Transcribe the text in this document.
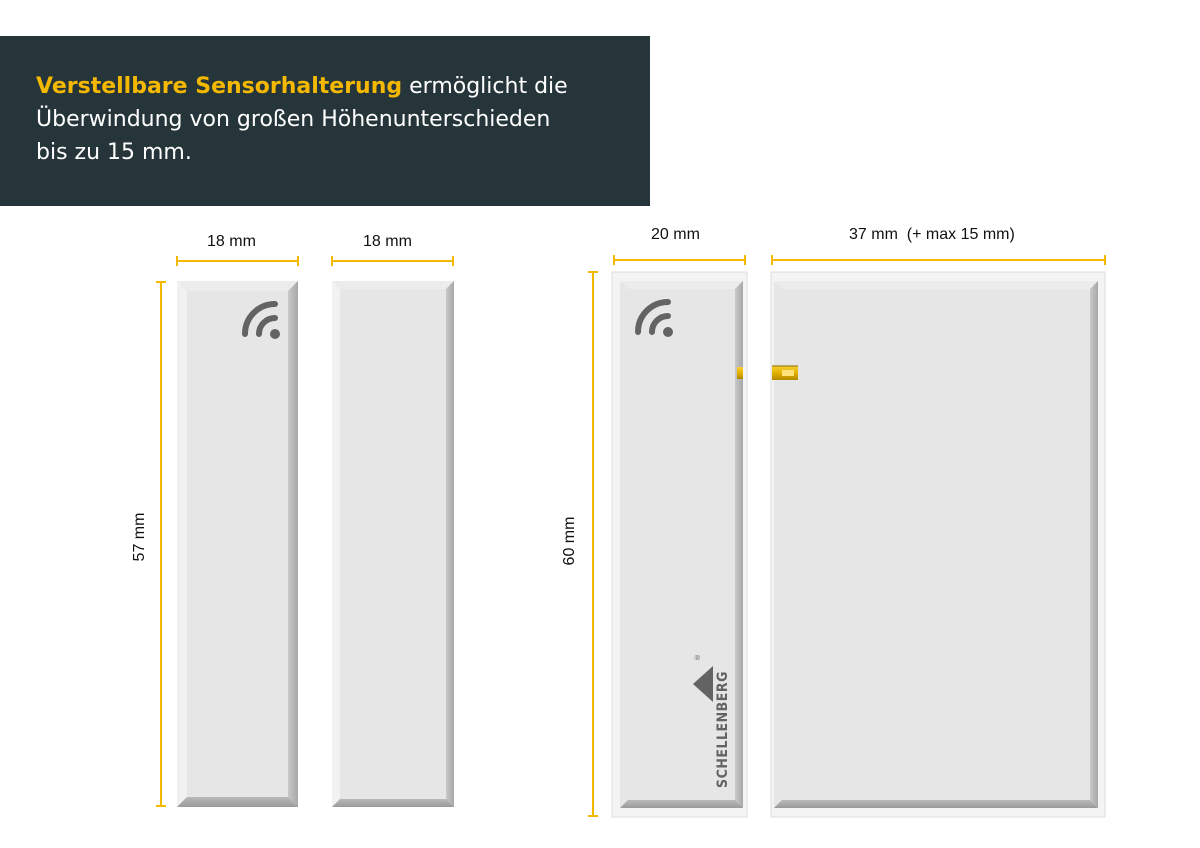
Verstellbare Sensorhalterung ermöglicht die
Überwindung von großen Höhenunterschieden
bis zu 15 mm.
SCHELLENBERG
®
18 mm	18 mm
57 mm
20 mm	37 mm  (+ max 15 mm)
60 mm
